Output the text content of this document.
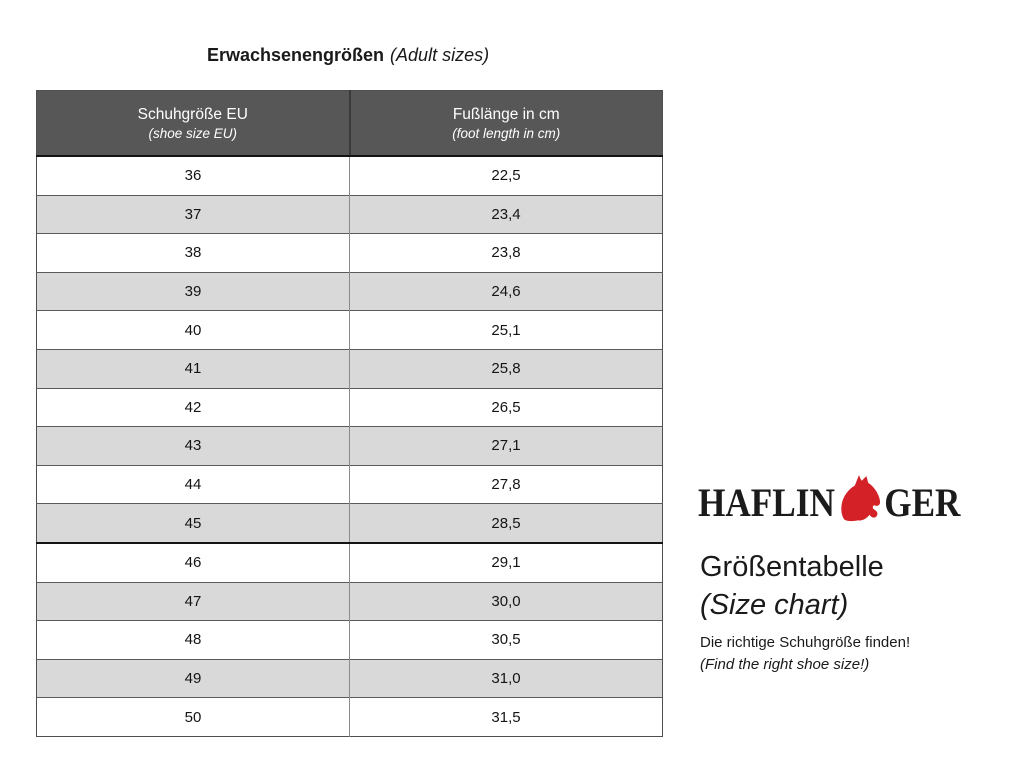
Erwachsenengrößen (Adult sizes)
Schuhgröße EU
(shoe size EU)

Fußlänge in cm
(foot length in cm)

36	22,5
37	23,4
38	23,8
39	24,6
40	25,1
41	25,8
42	26,5
43	27,1
44	27,8
45	28,5
46	29,1
47	30,0
48	30,5
49	31,0
50	31,5
HAFLIN GER
Größentabelle
(Size chart)
Die richtige Schuhgröße finden!
(Find the right shoe size!)
